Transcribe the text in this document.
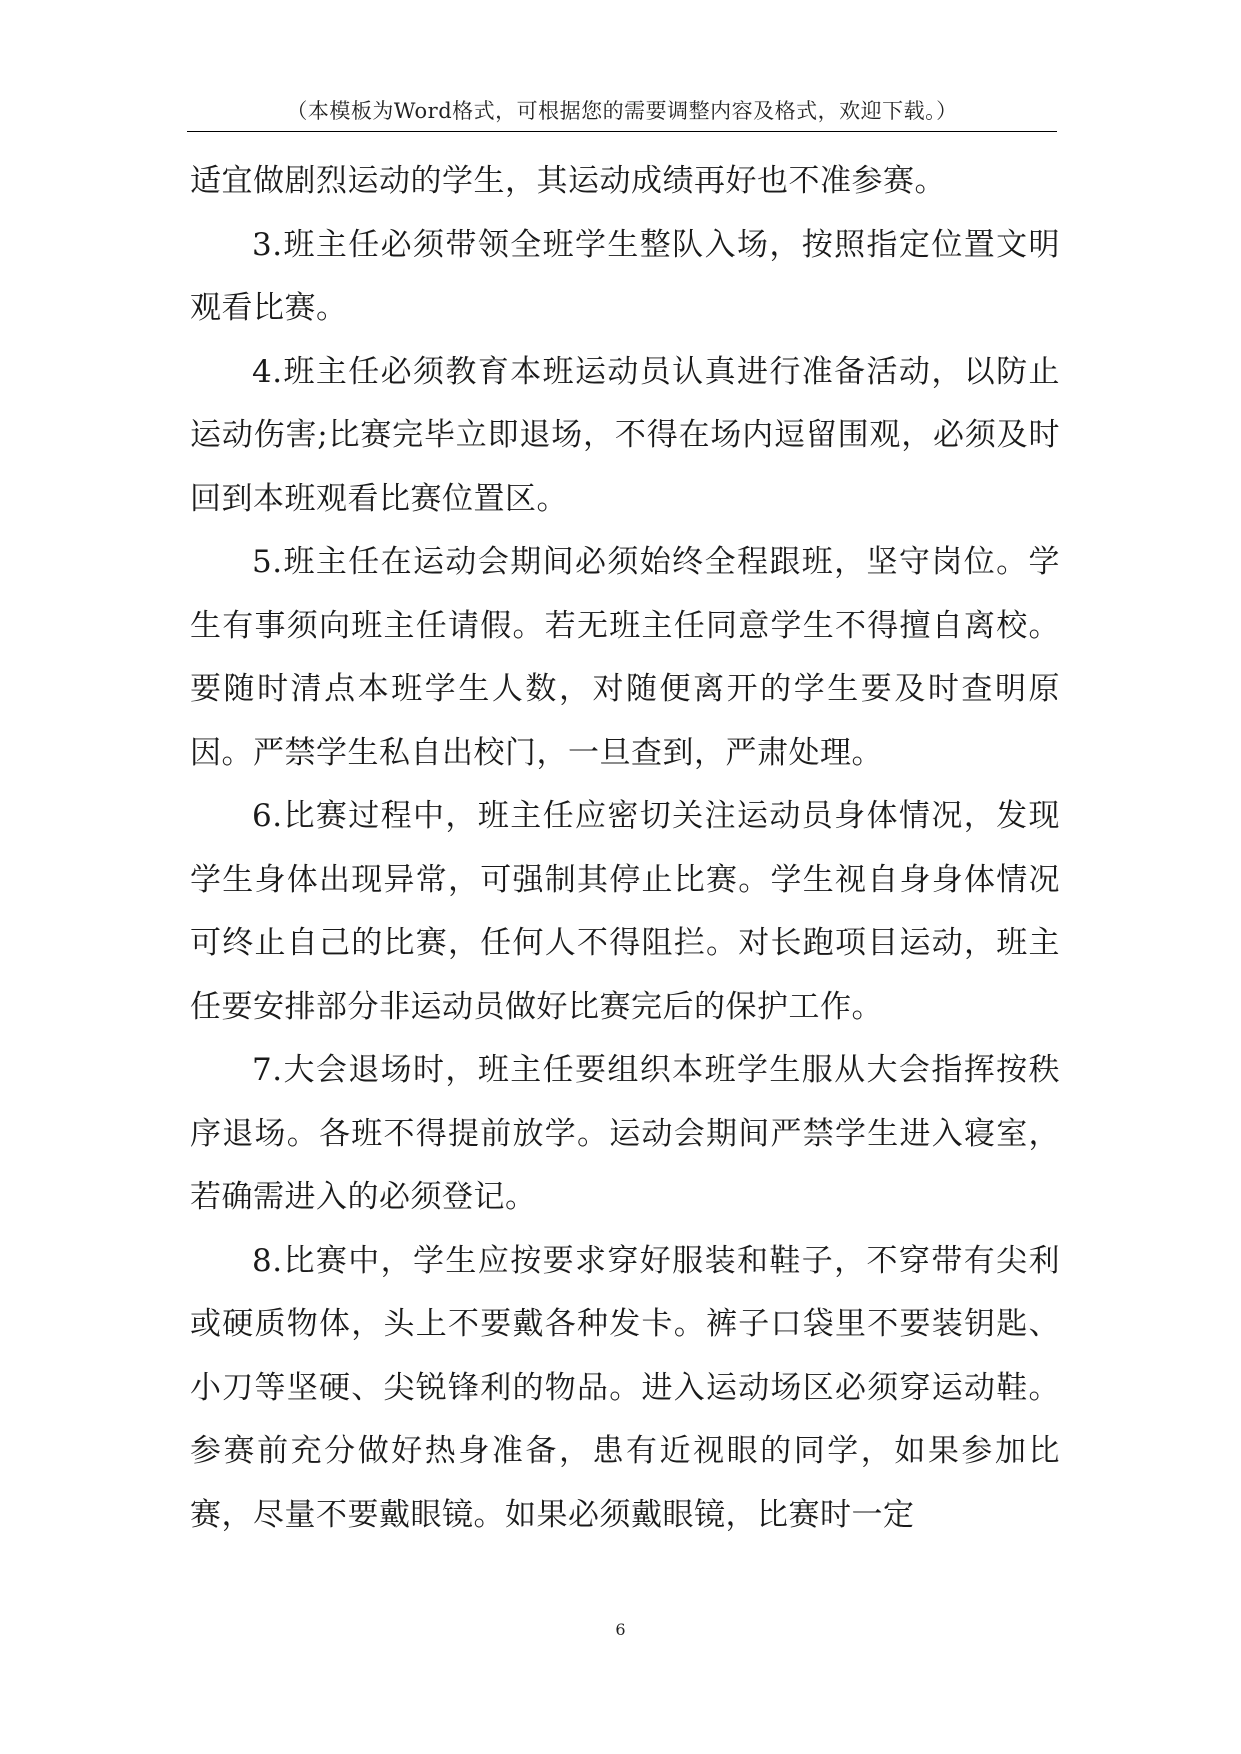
（本模板为Word格式，可根据您的需要调整内容及格式，欢迎下载。）

适宜做剧烈运动的学生，其运动成绩再好也不准参赛。

3.班主任必须带领全班学生整队入场，按照指定位置文明观看比赛。

4.班主任必须教育本班运动员认真进行准备活动，以防止运动伤害;比赛完毕立即退场，不得在场内逗留围观，必须及时回到本班观看比赛位置区。

5.班主任在运动会期间必须始终全程跟班，坚守岗位。学生有事须向班主任请假。若无班主任同意学生不得擅自离校。要随时清点本班学生人数，对随便离开的学生要及时查明原因。严禁学生私自出校门，一旦查到，严肃处理。

6.比赛过程中，班主任应密切关注运动员身体情况，发现学生身体出现异常，可强制其停止比赛。学生视自身身体情况可终止自己的比赛，任何人不得阻拦。对长跑项目运动，班主任要安排部分非运动员做好比赛完后的保护工作。

7.大会退场时，班主任要组织本班学生服从大会指挥按秩序退场。各班不得提前放学。运动会期间严禁学生进入寝室，若确需进入的必须登记。

8.比赛中，学生应按要求穿好服装和鞋子，不穿带有尖利或硬质物体，头上不要戴各种发卡。裤子口袋里不要装钥匙、小刀等坚硬、尖锐锋利的物品。进入运动场区必须穿运动鞋。参赛前充分做好热身准备，患有近视眼的同学，如果参加比赛，尽量不要戴眼镜。如果必须戴眼镜，比赛时一定

6
